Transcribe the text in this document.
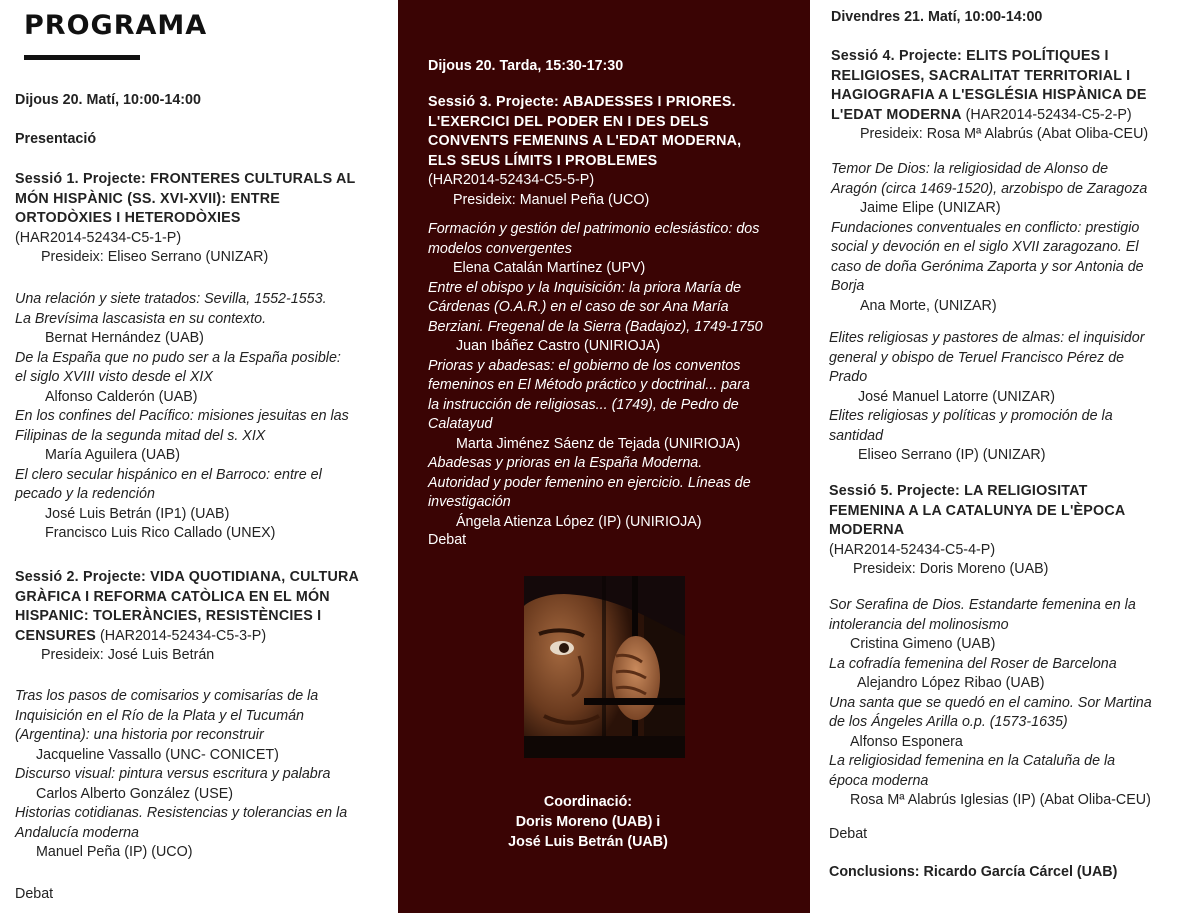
PROGRAMA
Dijous 20. Matí, 10:00-14:00
Presentació
Sessió 1. Projecte: FRONTERES CULTURALS AL
MÓN HISPÀNIC (SS. XVI-XVII): ENTRE
ORTODÒXIES I HETERODÒXIES
(HAR2014-52434-C5-1-P)
Presideix: Eliseo Serrano (UNIZAR)
Una relación y siete tratados: Sevilla, 1552-1553.
La Brevísima lascasista en su contexto.
Bernat Hernández (UAB)
De la España que no pudo ser a la España posible:
el siglo XVIII visto desde el XIX
Alfonso Calderón (UAB)
En los confines del Pacífico: misiones jesuitas en las
Filipinas de la segunda mitad del s. XIX
María Aguilera (UAB)
El clero secular hispánico en el Barroco: entre el
pecado y la redención
José Luis Betrán (IP1) (UAB)
Francisco Luis Rico Callado (UNEX)
Sessió 2. Projecte: VIDA QUOTIDIANA, CULTURA
GRÀFICA I REFORMA CATÒLICA EN EL MÓN
HISPANIC: TOLERÀNCIES, RESISTÈNCIES I
CENSURES (HAR2014-52434-C5-3-P)
Presideix: José Luis Betrán
Tras los pasos de comisarios y comisarías de la
Inquisición en el Río de la Plata y el Tucumán
(Argentina): una historia por reconstruir
Jacqueline Vassallo (UNC- CONICET)
Discurso visual: pintura versus escritura y palabra
Carlos Alberto González (USE)
Historias cotidianas. Resistencias y tolerancias en la
Andalucía moderna
Manuel Peña (IP) (UCO)
Debat
Dijous 20. Tarda, 15:30-17:30
Sessió 3. Projecte: ABADESSES I PRIORES.
L'EXERCICI DEL PODER EN I DES DELS
CONVENTS FEMENINS A L'EDAT MODERNA,
ELS SEUS LÍMITS I PROBLEMES
(HAR2014-52434-C5-5-P)
Presideix: Manuel Peña (UCO)
Formación y gestión del patrimonio eclesiástico: dos
modelos convergentes
Elena Catalán Martínez (UPV)
Entre el obispo y la Inquisición: la priora María de
Cárdenas (O.A.R.) en el caso de sor Ana María
Berziani. Fregenal de la Sierra (Badajoz), 1749-1750
Juan Ibáñez Castro (UNIRIOJA)
Prioras y abadesas: el gobierno de los conventos
femeninos en El Método práctico y doctrinal... para
la instrucción de religiosas... (1749), de Pedro de
Calatayud
Marta Jiménez Sáenz de Tejada (UNIRIOJA)
Abadesas y prioras en la España Moderna.
Autoridad y poder femenino en ejercicio. Líneas de
investigación
Ángela Atienza López (IP) (UNIRIOJA)
Debat
Coordinació:
Doris Moreno (UAB) i
José Luis Betrán (UAB)
Divendres 21. Matí, 10:00-14:00
Sessió 4. Projecte: ELITS POLÍTIQUES I
RELIGIOSES, SACRALITAT TERRITORIAL I
HAGIOGRAFIA A L'ESGLÉSIA HISPÀNICA DE
L'EDAT MODERNA (HAR2014-52434-C5-2-P)
Presideix: Rosa Mª Alabrús (Abat Oliba-CEU)
Temor De Dios: la religiosidad de Alonso de
Aragón (circa 1469-1520), arzobispo de Zaragoza
Jaime Elipe (UNIZAR)
Fundaciones conventuales en conflicto: prestigio
social y devoción en el siglo XVII zaragozano. El
caso de doña Gerónima Zaporta y sor Antonia de
Borja
Ana Morte, (UNIZAR)
Elites religiosas y pastores de almas: el inquisidor
general y obispo de Teruel Francisco Pérez de
Prado
José Manuel Latorre (UNIZAR)
Elites religiosas y políticas y promoción de la
santidad
Eliseo Serrano (IP) (UNIZAR)
Sessió 5. Projecte: LA RELIGIOSITAT
FEMENINA A LA CATALUNYA DE L'ÈPOCA
MODERNA
(HAR2014-52434-C5-4-P)
Presideix: Doris Moreno (UAB)
Sor Serafina de Dios. Estandarte femenina en la
intolerancia del molinosismo
Cristina Gimeno (UAB)
La cofradía femenina del Roser de Barcelona
Alejandro López Ribao (UAB)
Una santa que se quedó en el camino. Sor Martina
de los Ángeles Arilla o.p. (1573-1635)
Alfonso Esponera
La religiosidad femenina en la Cataluña de la
época moderna
Rosa Mª Alabrús Iglesias (IP) (Abat Oliba-CEU)
Debat
Conclusions: Ricardo García Cárcel (UAB)
